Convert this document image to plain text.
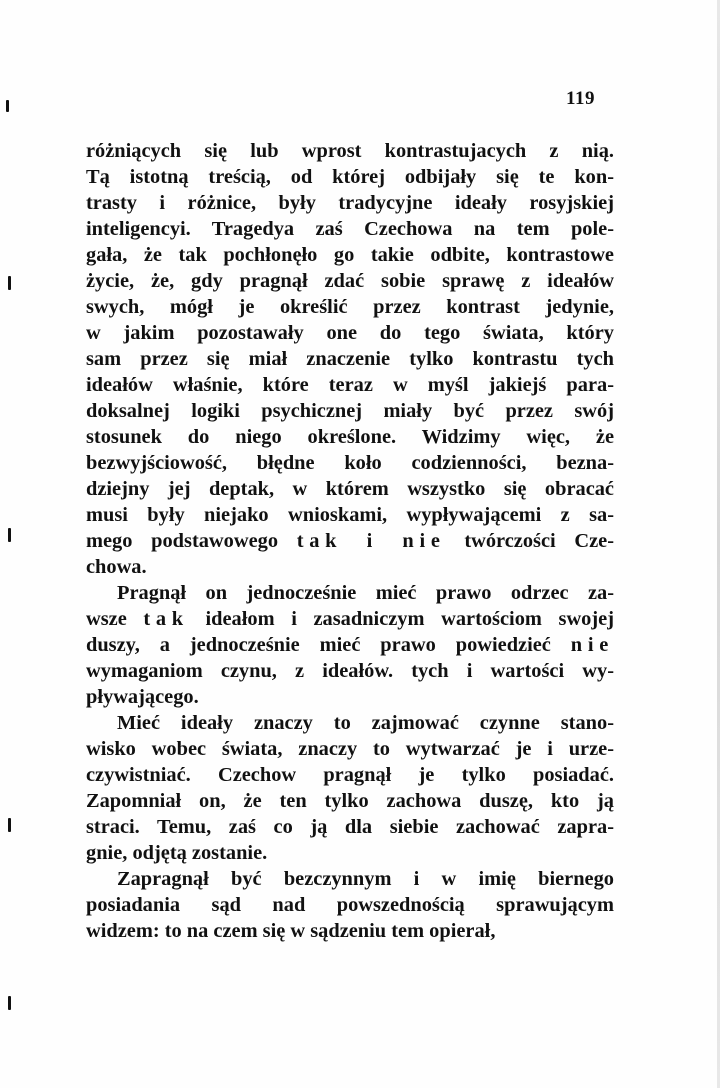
119
różniących się lub wprost kontrastujacych z nią.
Tą istotną treścią, od której odbijały się te kon-
trasty i różnice, były tradycyjne ideały rosyjskiej
inteligencyi. Tragedya zaś Czechowa na tem pole-
gała, że tak pochłonęło go takie odbite, kontrastowe
życie, że, gdy pragnął zdać sobie sprawę z ideałów
swych, mógł je określić przez kontrast jedynie,
w jakim pozostawały one do tego świata, który
sam przez się miał znaczenie tylko kontrastu tych
ideałów właśnie, które teraz w myśl jakiejś para-
doksalnej logiki psychicznej miały być przez swój
stosunek do niego określone. Widzimy więc, że
bezwyjściowość, błędne koło codzienności, bezna-
dziejny jej deptak, w którem wszystko się obracać
musi były niejako wnioskami, wypływającemi z sa-
mego podstawowego tak i nie twórczości Cze-
chowa.
Pragnął on jednocześnie mieć prawo odrzec za-
wsze tak ideałom i zasadniczym wartościom swojej
duszy, a jednocześnie mieć prawo powiedzieć nie
wymaganiom czynu, z ideałów. tych i wartości wy-
pływającego.
Mieć ideały znaczy to zajmować czynne stano-
wisko wobec świata, znaczy to wytwarzać je i urze-
czywistniać. Czechow pragnął je tylko posiadać.
Zapomniał on, że ten tylko zachowa duszę, kto ją
straci. Temu, zaś co ją dla siebie zachować zapra-
gnie, odjętą zostanie.
Zapragnął być bezczynnym i w imię biernego
posiadania sąd nad powszednością sprawującym
widzem: to na czem się w sądzeniu tem opierał,
